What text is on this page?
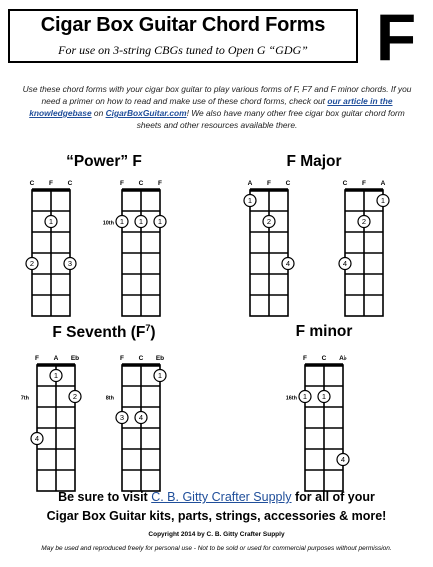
Cigar Box Guitar Chord Forms
For use on 3-string CBGs tuned to Open G “GDG”	F
Use these chord forms with your cigar box guitar to play various forms of F, F7 and F minor chords. If you need a primer on how to read and make use of these chord forms, check out our article in the knowledgebase on CigarBoxGuitar.com! We also have many other free cigar box guitar chord form sheets and other resources available there.
“Power” F	F Major
F Seventh $(F^7)$	F minor
C F C
1
2	3
F C F
10th 1 1 1
A F C
1
2
4
C F A
1
2
4
F A Eb
7th
1
2
4
F C Eb
8th
1
3 4
F C A♭
16th 1 1
4
Be sure to visit C. B. Gitty Crafter Supply for all of your
Cigar Box Guitar kits, parts, strings, accessories & more!
Copyright 2014 by C. B. Gitty Crafter Supply
May be used and reproduced freely for personal use - Not to be sold or used for commercial purposes without permission.
